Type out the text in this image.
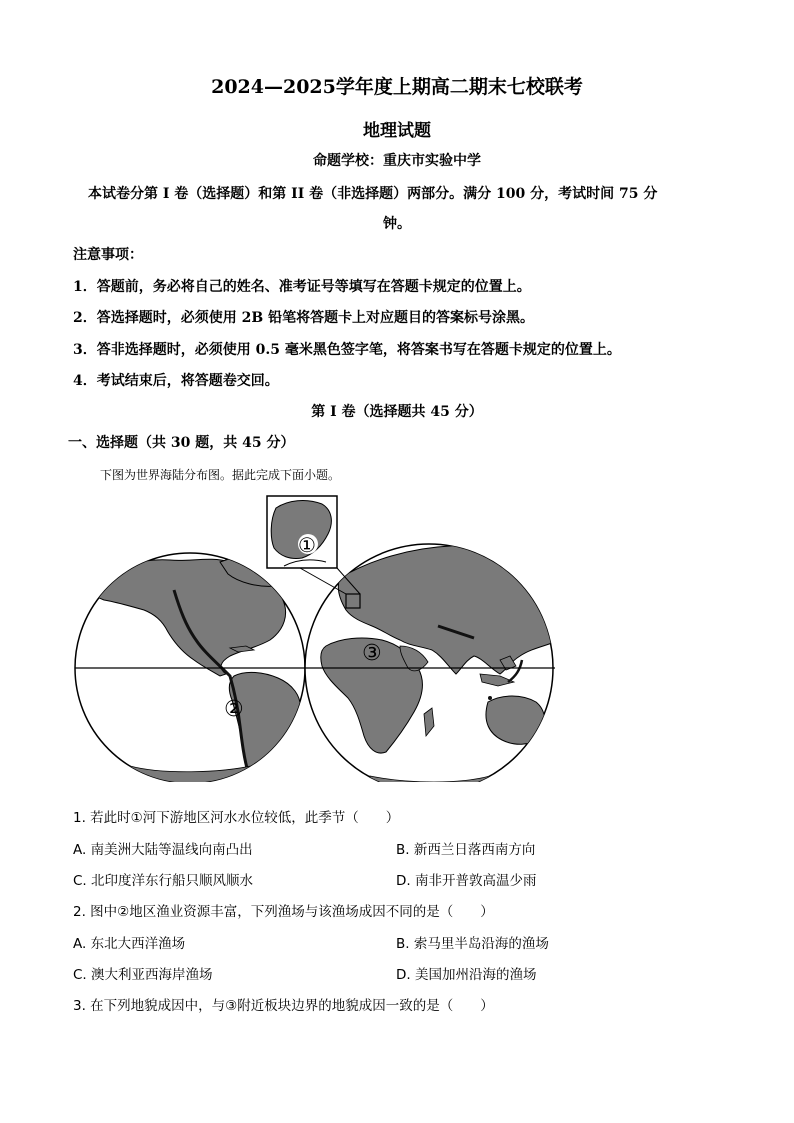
2024—2025学年度上期高二期末七校联考
地理试题
命题学校：重庆市实验中学
本试卷分第 I 卷（选择题）和第 II 卷（非选择题）两部分。满分 100 分，考试时间 75 分
钟。
注意事项：
1．答题前，务必将自己的姓名、准考证号等填写在答题卡规定的位置上。
2．答选择题时，必须使用 2B 铅笔将答题卡上对应题目的答案标号涂黑。
3．答非选择题时，必须使用 0.5 毫米黑色签字笔，将答案书写在答题卡规定的位置上。
4．考试结束后，将答题卷交回。
第 I 卷（选择题共 45 分）
一、选择题（共 30 题，共 45 分）
下图为世界海陆分布图。据此完成下面小题。
②
③
①
1. 若此时①河下游地区河水水位较低，此季节（　　）
A. 南美洲大陆等温线向南凸出	B. 新西兰日落西南方向
C. 北印度洋东行船只顺风顺水	D. 南非开普敦高温少雨
2. 图中②地区渔业资源丰富，下列渔场与该渔场成因不同的是（　　）
A. 东北大西洋渔场	B. 索马里半岛沿海的渔场
C. 澳大利亚西海岸渔场	D. 美国加州沿海的渔场
3. 在下列地貌成因中，与③附近板块边界的地貌成因一致的是（　　）
